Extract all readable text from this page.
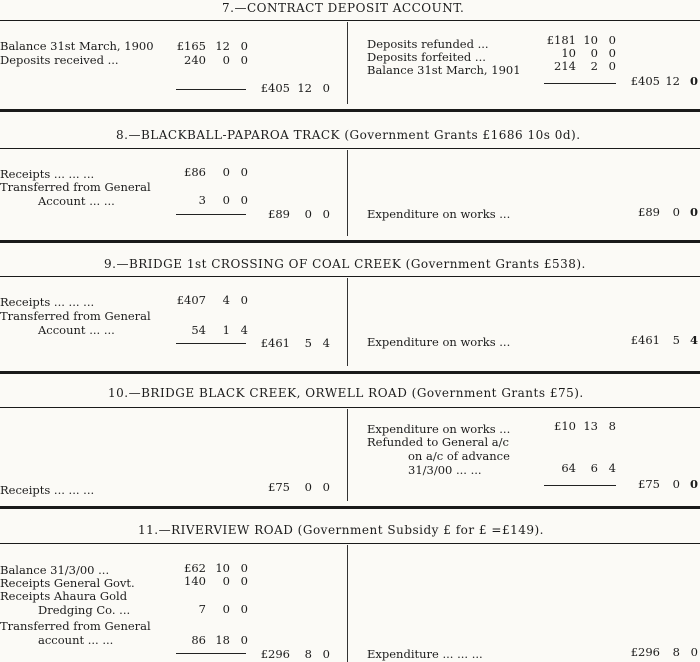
7.—CONTRACT DEPOSIT ACCOUNT.
Balance 31st March, 1900	£165 12 0
Deposits received ...	240	0 0
£405 12 0
Deposits refunded ...	£181 10 0
Deposits forfeited ...	10	0 0
Balance 31st March, 1901	214	2 0
£405 12 0
8.—BLACKBALL-PAPAROA TRACK (Government Grants £1686 10s 0d).
Receipts ... ... ...	£86	0 0
Transferred from General
Account ... ...	3	0 0
£89	0 0	Expenditure on works ...	£89	0 0
9.—BRIDGE 1st CROSSING OF COAL CREEK (Government Grants £538).
Receipts ... ... ...	£407	4 0
Transferred from General
Account ... ...	54	1 4
£461	5 4	Expenditure on works ...	£461	5 4
10.—BRIDGE BLACK CREEK, ORWELL ROAD (Government Grants £75).
Receipts ... ... ...	£75	0 0
Expenditure on works ...	£10 13 8
Refunded to General a/c
on a/c of advance
31/3/00 ... ...	64	6 4
£75	0 0
11.—RIVERVIEW ROAD (Government Subsidy £ for £ =£149).
Balance 31/3/00 ...	£62 10 0
Receipts General Govt.	140	0 0
Receipts Ahaura Gold
Dredging Co. ...	7	0 0
Transferred from General
account ... ...	86 18 0
£296	8 0	Expenditure ... ... ...	£296	8 0
